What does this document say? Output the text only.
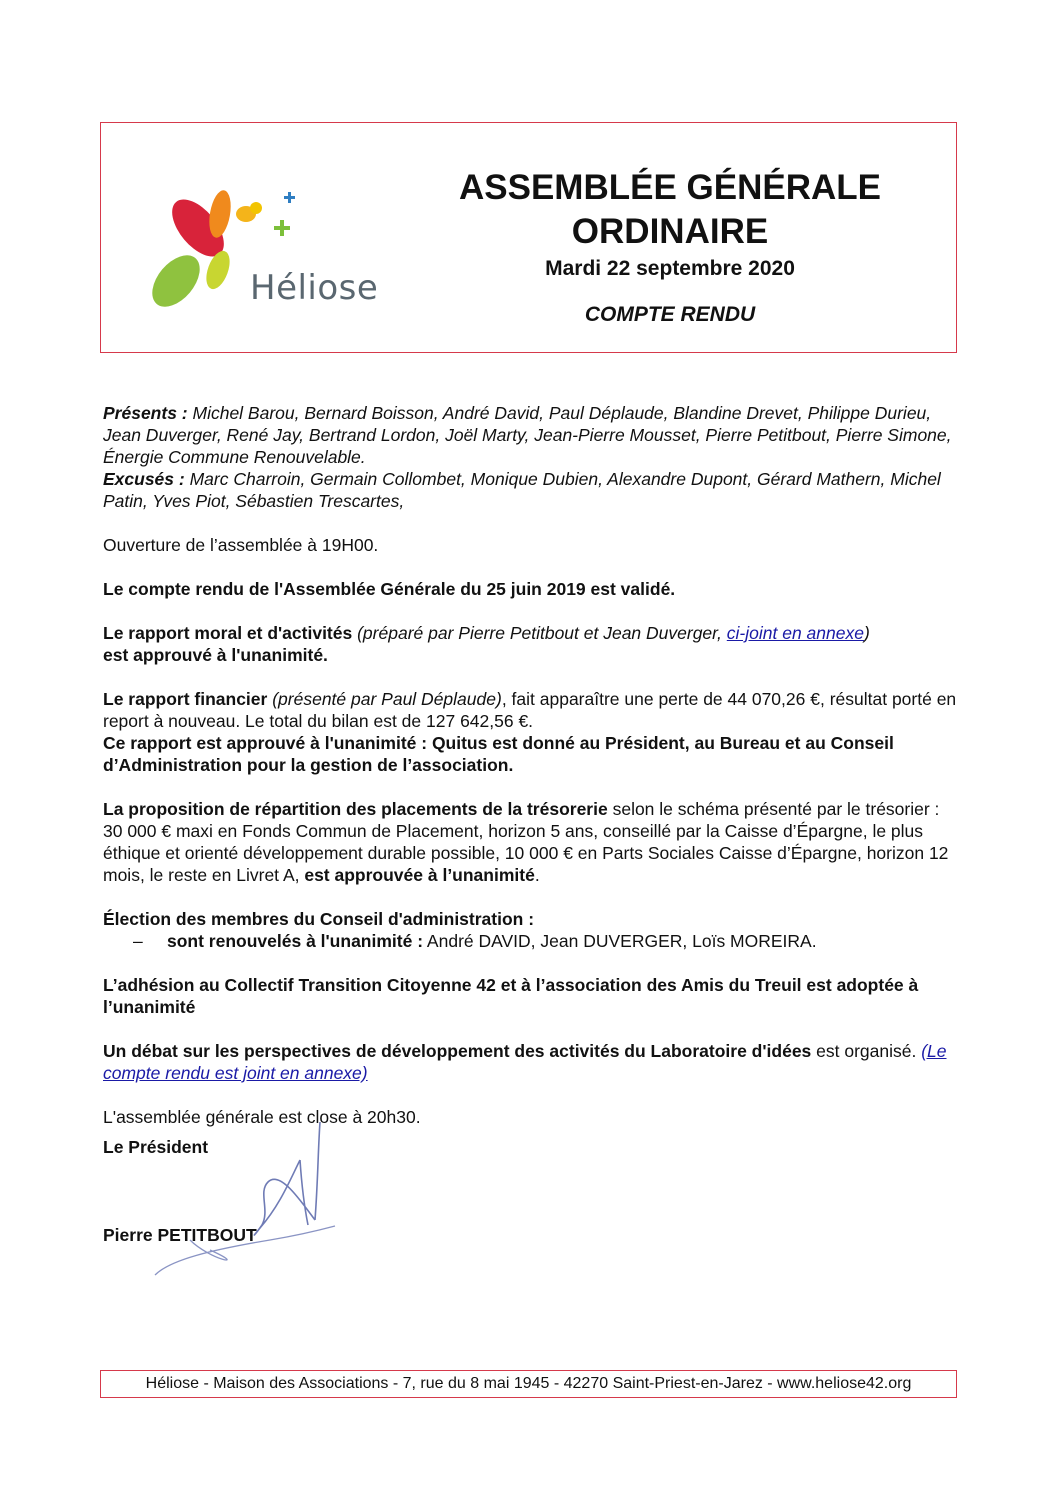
Héliose
ASSEMBLÉE GÉNÉRALE
ORDINAIRE
Mardi 22 septembre 2020
COMPTE RENDU

Présents : Michel Barou, Bernard Boisson, André David, Paul Déplaude, Blandine Drevet, Philippe Durieu, Jean Duverger, René Jay, Bertrand Lordon, Joël Marty, Jean-Pierre Mousset, Pierre Petitbout, Pierre Simone, Énergie Commune Renouvelable.
Excusés : Marc Charroin, Germain Collombet, Monique Dubien, Alexandre Dupont, Gérard Mathern, Michel Patin, Yves Piot, Sébastien Trescartes,

Ouverture de l’assemblée à 19H00.

Le compte rendu de l'Assemblée Générale du 25 juin 2019 est validé.

Le rapport moral et d'activités (préparé par Pierre Petitbout et Jean Duverger, ci-joint en annexe)
est approuvé à l'unanimité.

Le rapport financier (présenté par Paul Déplaude), fait apparaître une perte de 44 070,26 €, résultat porté en report à nouveau. Le total du bilan est de 127 642,56 €.
Ce rapport est approuvé à l'unanimité : Quitus est donné au Président, au Bureau et au Conseil d’Administration pour la gestion de l’association.

La proposition de répartition des placements de la trésorerie selon le schéma présenté par le trésorier : 30 000 € maxi en Fonds Commun de Placement, horizon 5 ans, conseillé par la Caisse d’Épargne, le plus éthique et orienté développement durable possible, 10 000 € en Parts Sociales Caisse d’Épargne, horizon 12 mois, le reste en Livret A, est approuvée à l’unanimité.

Élection des membres du Conseil d'administration :

–	sont renouvelés à l'unanimité : André DAVID, Jean DUVERGER, Loïs MOREIRA.

L’adhésion au Collectif Transition Citoyenne 42 et à l’association des Amis du Treuil est adoptée à l’unanimité

Un débat sur les perspectives de développement des activités du Laboratoire d'idées est organisé. (Le compte rendu est joint en annexe)

L'assemblée générale est close à 20h30.

Le Président
Pierre PETITBOUT
Héliose - Maison des Associations - 7, rue du 8 mai 1945 - 42270 Saint-Priest-en-Jarez - www.heliose42.org
